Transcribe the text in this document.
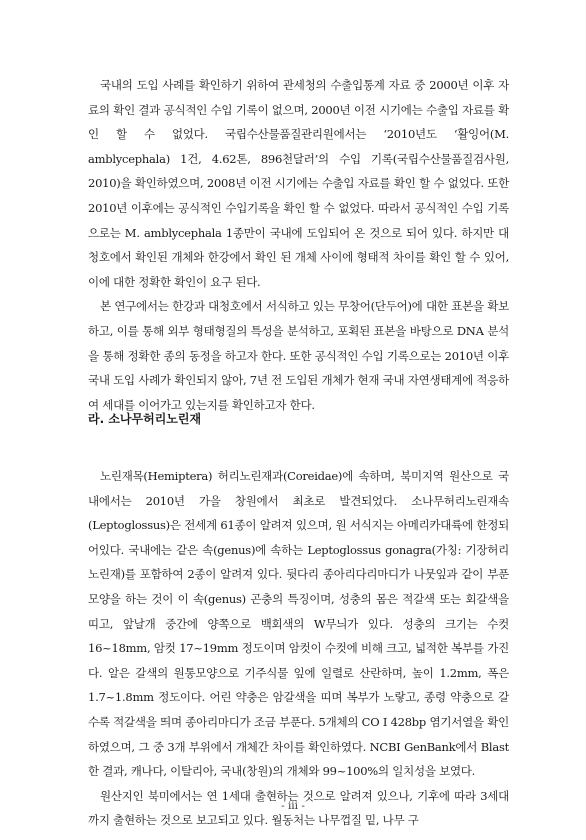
국내의 도입 사례를 확인하기 위하여 관세청의 수출입통계 자료 중 2000년 이후 자료의 확인 결과 공식적인 수입 기록이 없으며, 2000년 이전 시기에는 수출입 자료를 확인 할 수 없었다. 국립수산물품질관리원에서는 ‘2010년도 ‘활잉어(M. amblycephala) 1건, 4.62톤, 896천달러’의 수입 기록(국립수산물품질검사원, 2010)을 확인하였으며, 2008년 이전 시기에는 수출입 자료를 확인 할 수 없었다. 또한 2010년 이후에는 공식적인 수입기록을 확인 할 수 없었다. 따라서 공식적인 수입 기록으로는 M. amblycephala 1종만이 국내에 도입되어 온 것으로 되어 있다. 하지만 대청호에서 확인된 개체와 한강에서 확인 된 개체 사이에 형태적 차이를 확인 할 수 있어, 이에 대한 정확한 확인이 요구 된다.

본 연구에서는 한강과 대청호에서 서식하고 있는 무창어(단두어)에 대한 표본을 확보하고, 이를 통해 외부 형태형질의 특성을 분석하고, 포획된 표본을 바탕으로 DNA 분석을 통해 정확한 종의 동정을 하고자 한다. 또한 공식적인 수입 기록으로는 2010년 이후 국내 도입 사례가 확인되지 않아, 7년 전 도입된 개체가 현재 국내 자연생태계에 적응하여 세대를 이어가고 있는지를 확인하고자 한다.

라. 소나무허리노린재

노린재목(Hemiptera) 허리노린재과(Coreidae)에 속하며, 북미지역 원산으로 국내에서는 2010년 가을 창원에서 최초로 발견되었다. 소나무허리노린재속(Leptoglossus)은 전세계 61종이 알려져 있으며, 원 서식지는 아메리카대륙에 한정되어있다. 국내에는 같은 속(genus)에 속하는 Leptoglossus gonagra(가칭: 기장허리노린재)를 포함하여 2종이 알려져 있다. 뒷다리 종아리다리마디가 나뭇잎과 같이 부푼 모양을 하는 것이 이 속(genus) 곤충의 특징이며, 성충의 몸은 적갈색 또는 회갈색을 띠고, 앞날개 중간에 양쪽으로 백회색의 W무늬가 있다. 성충의 크기는 수컷 16~18mm, 암컷 17~19mm 정도이며 암컷이 수컷에 비해 크고, 넓적한 복부를 가진다. 알은 갈색의 원통모양으로 기주식물 잎에 일렬로 산란하며, 높이 1.2mm, 폭은 1.7~1.8mm 정도이다. 어린 약충은 암갈색을 띠며 복부가 노랗고, 종령 약충으로 갈수록 적갈색을 띄며 종아리마디가 조금 부푼다. 5개체의 CO I 428bp 염기서열을 확인하였으며, 그 중 3개 부위에서 개체간 차이를 확인하였다. NCBI GenBank에서 Blast한 결과, 캐나다, 이탈리아, 국내(창원)의 개체와 99~100%의 일치성을 보였다.

원산지인 북미에서는 연 1세대 출현하는 것으로 알려져 있으나, 기후에 따라 3세대까지 출현하는 것으로 보고되고 있다. 월동처는 나무껍질 밑, 나무 구

- iii -
